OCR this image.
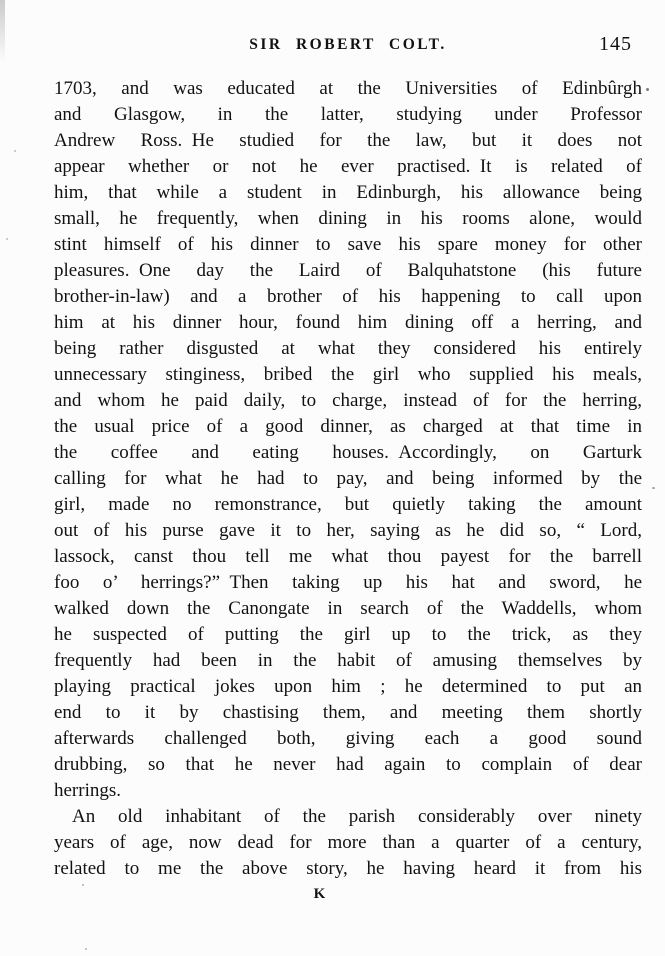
SIR ROBERT COLT.	145
1703, and was educated at the Universities of Edinbûrgh
and Glasgow, in the latter, studying under Professor
Andrew Ross. He studied for the law, but it does not
appear whether or not he ever practised. It is related of
him, that while a student in Edinburgh, his allowance being
small, he frequently, when dining in his rooms alone, would
stint himself of his dinner to save his spare money for other
pleasures. One day the Laird of Balquhatstone (his future
brother-in-law) and a brother of his happening to call upon
him at his dinner hour, found him dining off a herring, and
being rather disgusted at what they considered his entirely
unnecessary stinginess, bribed the girl who supplied his meals,
and whom he paid daily, to charge, instead of for the herring,
the usual price of a good dinner, as charged at that time in
the coffee and eating houses. Accordingly, on Garturk
calling for what he had to pay, and being informed by the
girl, made no remonstrance, but quietly taking the amount
out of his purse gave it to her, saying as he did so, “ Lord,
lassock, canst thou tell me what thou payest for the barrell
foo o’ herrings?” Then taking up his hat and sword, he
walked down the Canongate in search of the Waddells, whom
he suspected of putting the girl up to the trick, as they
frequently had been in the habit of amusing themselves by
playing practical jokes upon him ; he determined to put an
end to it by chastising them, and meeting them shortly
afterwards challenged both, giving each a good sound
drubbing, so that he never had again to complain of dear
herrings.
An old inhabitant of the parish considerably over ninety
years of age, now dead for more than a quarter of a century,
related to me the above story, he having heard it from his
K
